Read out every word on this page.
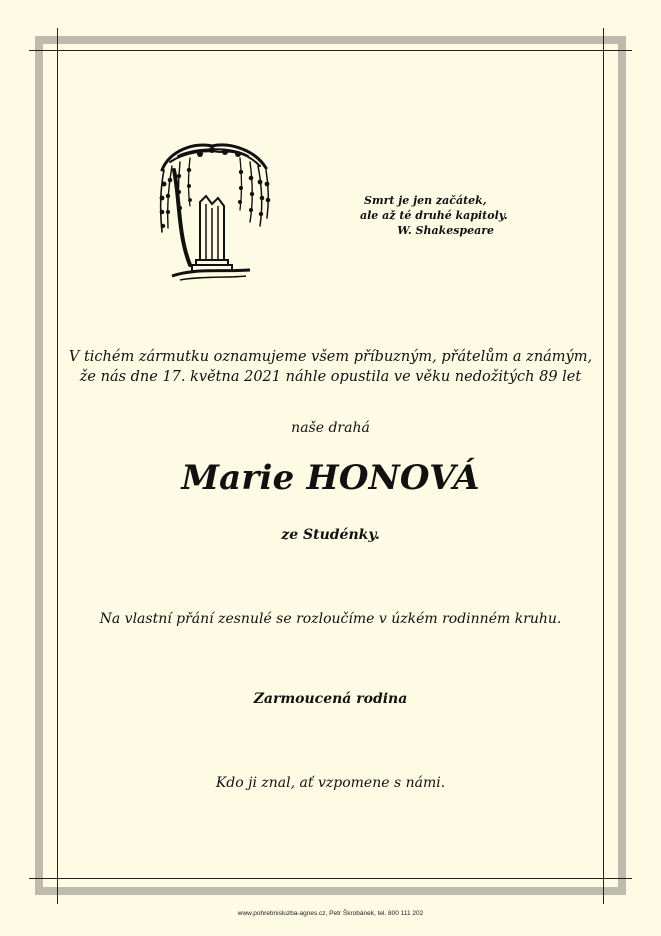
Smrt je jen začátek,
ale až té druhé kapitoly.
W. Shakespeare
V tichém zármutku oznamujeme všem příbuzným, přátelům a známým,
že nás dne 17. května 2021 náhle opustila ve věku nedožitých 89 let
naše drahá
Marie HONOVÁ
ze Studénky.
Na vlastní přání zesnulé se rozloučíme v úzkém rodinném kruhu.
Zarmoucená rodina
Kdo ji znal, ať vzpomene s námi.
www.pohrebnisluzba-agnes.cz, Petr Škrobánek, tel. 800 111 202
